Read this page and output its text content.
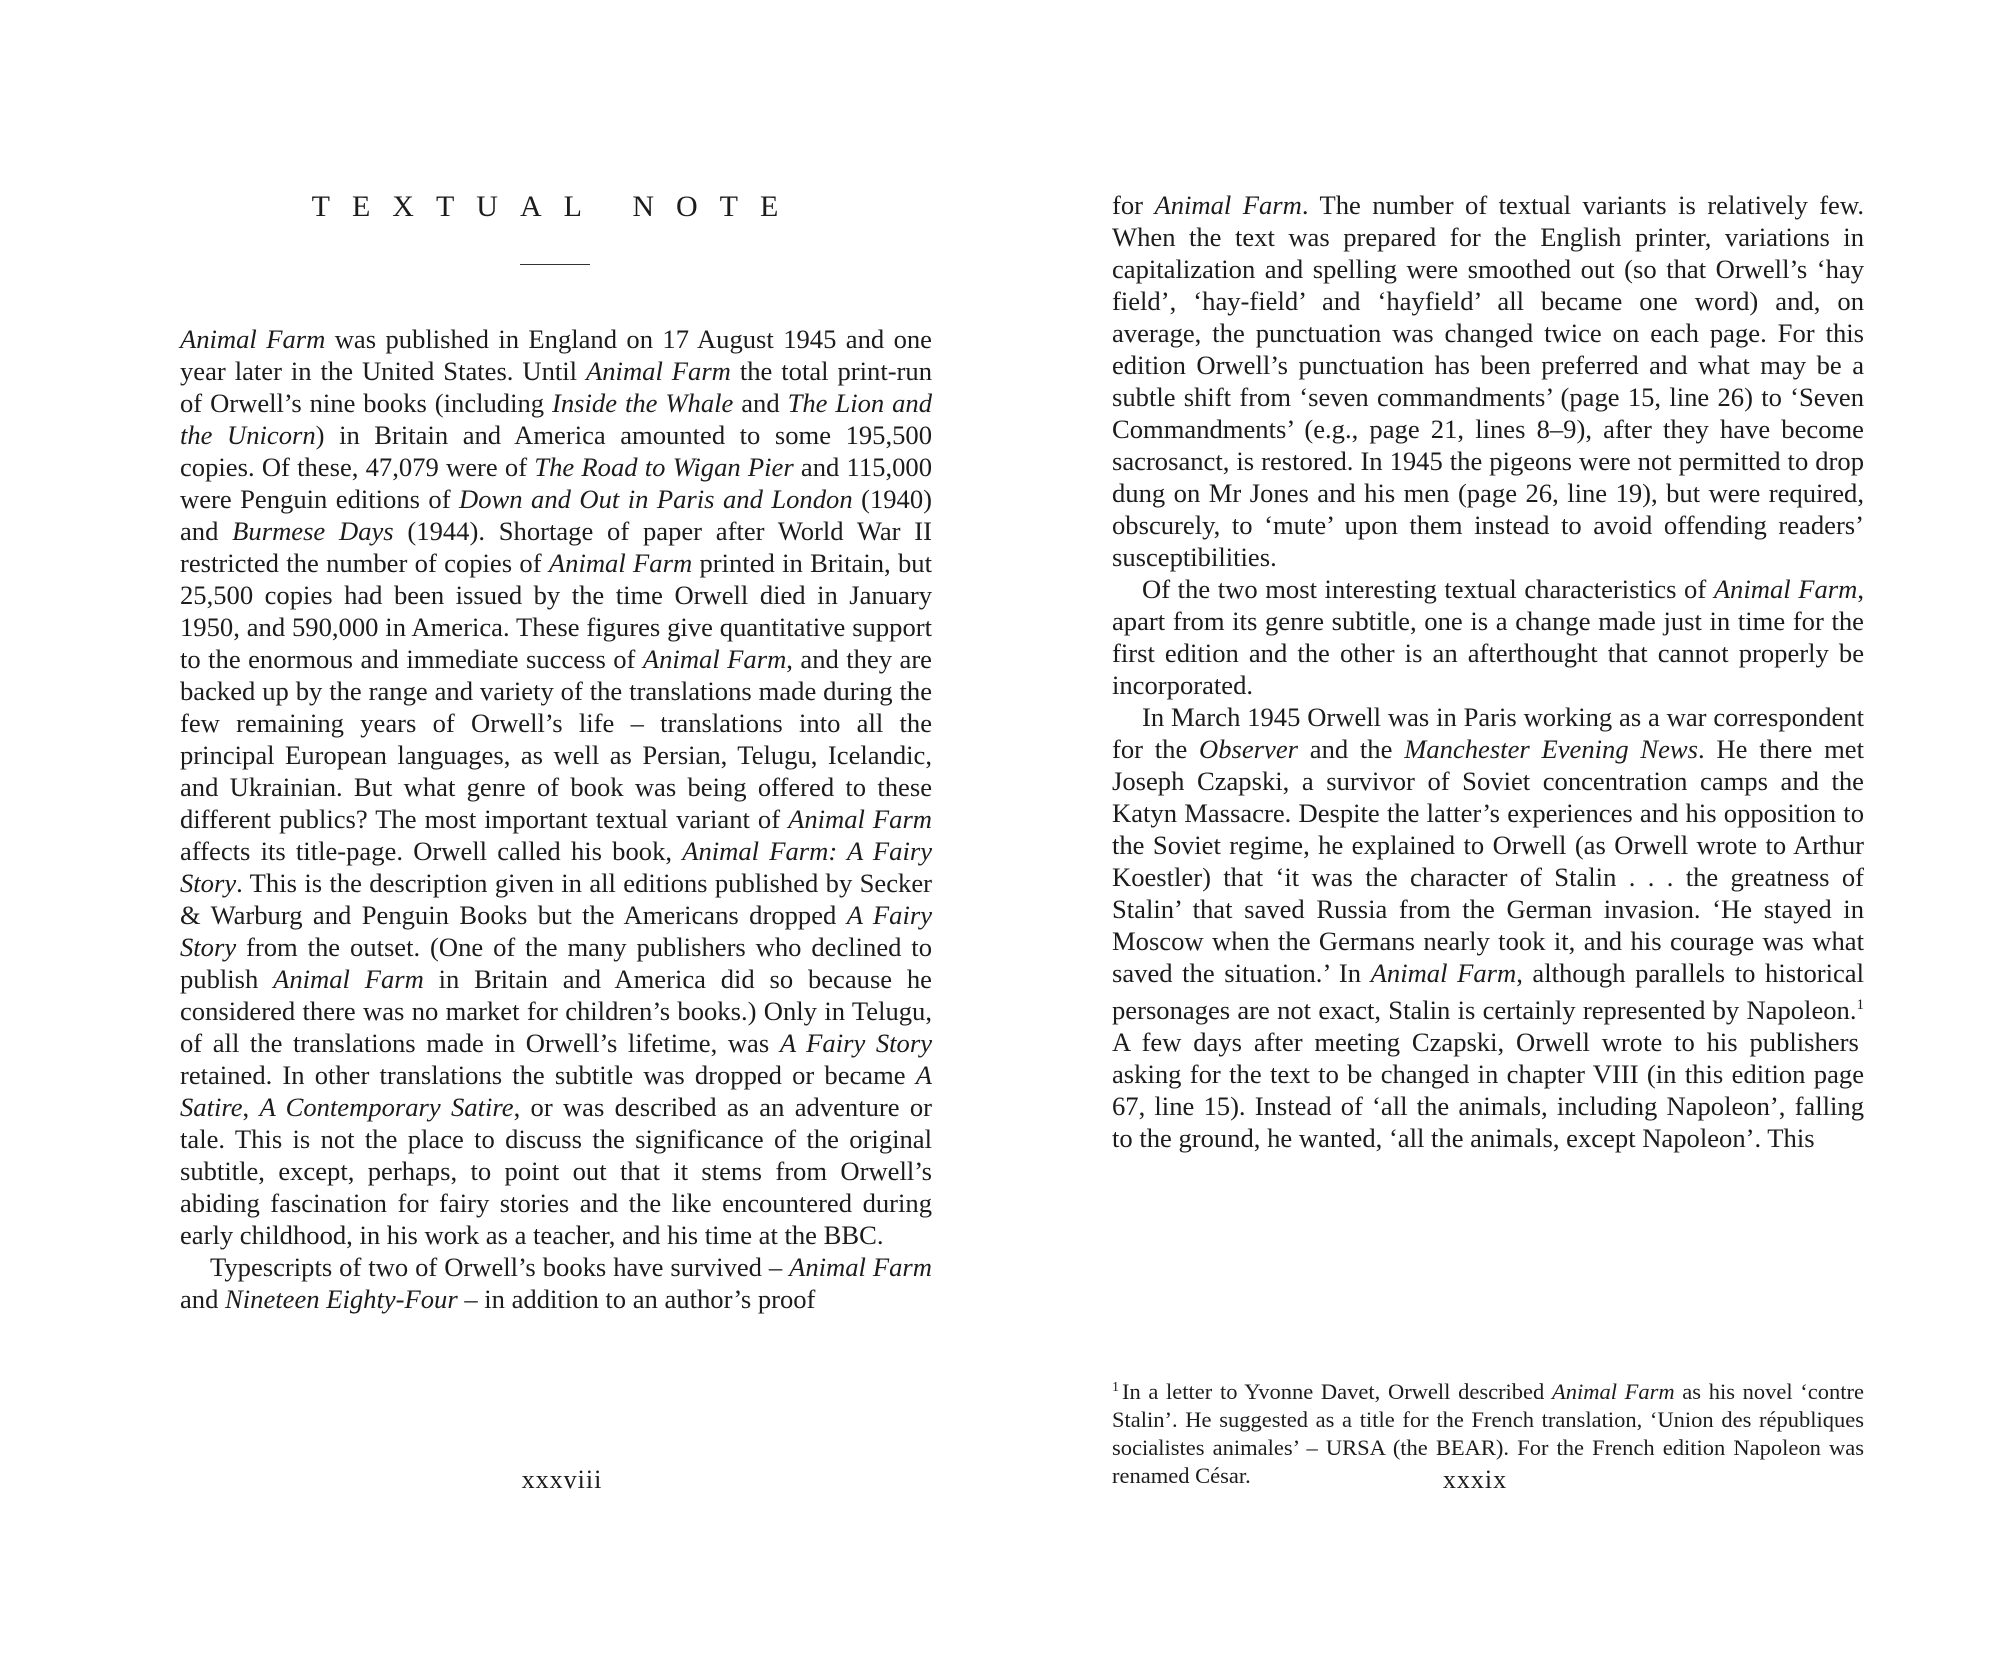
TEXTUAL NOTE

Animal Farm was published in England on 17 August 1945 and one year later in the United States. Until Animal Farm the total print-run of Orwell’s nine books (including Inside the Whale and The Lion and the Unicorn) in Britain and America amounted to some 195,500 copies. Of these, 47,079 were of The Road to Wigan Pier and 115,000 were Penguin editions of Down and Out in Paris and London (1940) and Burmese Days (1944). Shortage of paper after World War II restricted the number of copies of Animal Farm printed in Britain, but 25,500 copies had been issued by the time Orwell died in January 1950, and 590,000 in America. These figures give quantitative support to the enormous and immediate success of Animal Farm, and they are backed up by the range and variety of the translations made during the few remaining years of Orwell’s life – translations into all the principal European languages, as well as Persian, Telugu, Icelandic, and Ukrainian. But what genre of book was being offered to these different publics? The most important textual variant of Animal Farm affects its title-page. Orwell called his book, Animal Farm: A Fairy Story. This is the description given in all editions published by Secker & Warburg and Penguin Books but the Americans dropped A Fairy Story from the outset. (One of the many publishers who declined to publish Animal Farm in Britain and America did so because he considered there was no market for children’s books.) Only in Telugu, of all the translations made in Orwell’s lifetime, was A Fairy Story retained. In other translations the subtitle was dropped or became A Satire, A Contemporary Satire, or was described as an adventure or tale. This is not the place to discuss the significance of the original subtitle, except, perhaps, to point out that it stems from Orwell’s abiding fascination for fairy stories and the like encountered during early childhood, in his work as a teacher, and his time at the BBC.

Typescripts of two of Orwell’s books have survived – Animal Farm and Nineteen Eighty-Four – in addition to an author’s proof

xxxviii

for Animal Farm. The number of textual variants is relatively few. When the text was prepared for the English printer, variations in capitalization and spelling were smoothed out (so that Orwell’s ‘hay field’, ‘hay-field’ and ‘hayfield’ all became one word) and, on average, the punctuation was changed twice on each page. For this edition Orwell’s punctuation has been preferred and what may be a subtle shift from ‘seven commandments’ (page 15, line 26) to ‘Seven Commandments’ (e.g., page 21, lines 8–9), after they have become sacrosanct, is restored. In 1945 the pigeons were not permitted to drop dung on Mr Jones and his men (page 26, line 19), but were required, obscurely, to ‘mute’ upon them instead to avoid offending readers’ susceptibilities.

Of the two most interesting textual characteristics of Animal Farm, apart from its genre subtitle, one is a change made just in time for the first edition and the other is an afterthought that cannot properly be incorporated.

In March 1945 Orwell was in Paris working as a war correspondent for the Observer and the Manchester Evening News. He there met Joseph Czapski, a survivor of Soviet concentration camps and the Katyn Massacre. Despite the latter’s experiences and his opposition to the Soviet regime, he explained to Orwell (as Orwell wrote to Arthur Koestler) that ‘it was the character of Stalin . . . the greatness of Stalin’ that saved Russia from the German invasion. ‘He stayed in Moscow when the Germans nearly took it, and his courage was what saved the situation.’ In Animal Farm, although parallels to historical personages are not exact, Stalin is certainly represented by Napoleon.$^1$ A few days after meeting Czapski, Orwell wrote to his publishers asking for the text to be changed in chapter VIII (in this edition page 67, line 15). Instead of ‘all the animals, including Napoleon’, falling to the ground, he wanted, ‘all the animals, except Napoleon’. This

$^1$ In a letter to Yvonne Davet, Orwell described Animal Farm as his novel ‘contre Stalin’. He suggested as a title for the French translation, ‘Union des républiques socialistes animales’ – URSA (the BEAR). For the French edition Napoleon was renamed César.	xxxix
